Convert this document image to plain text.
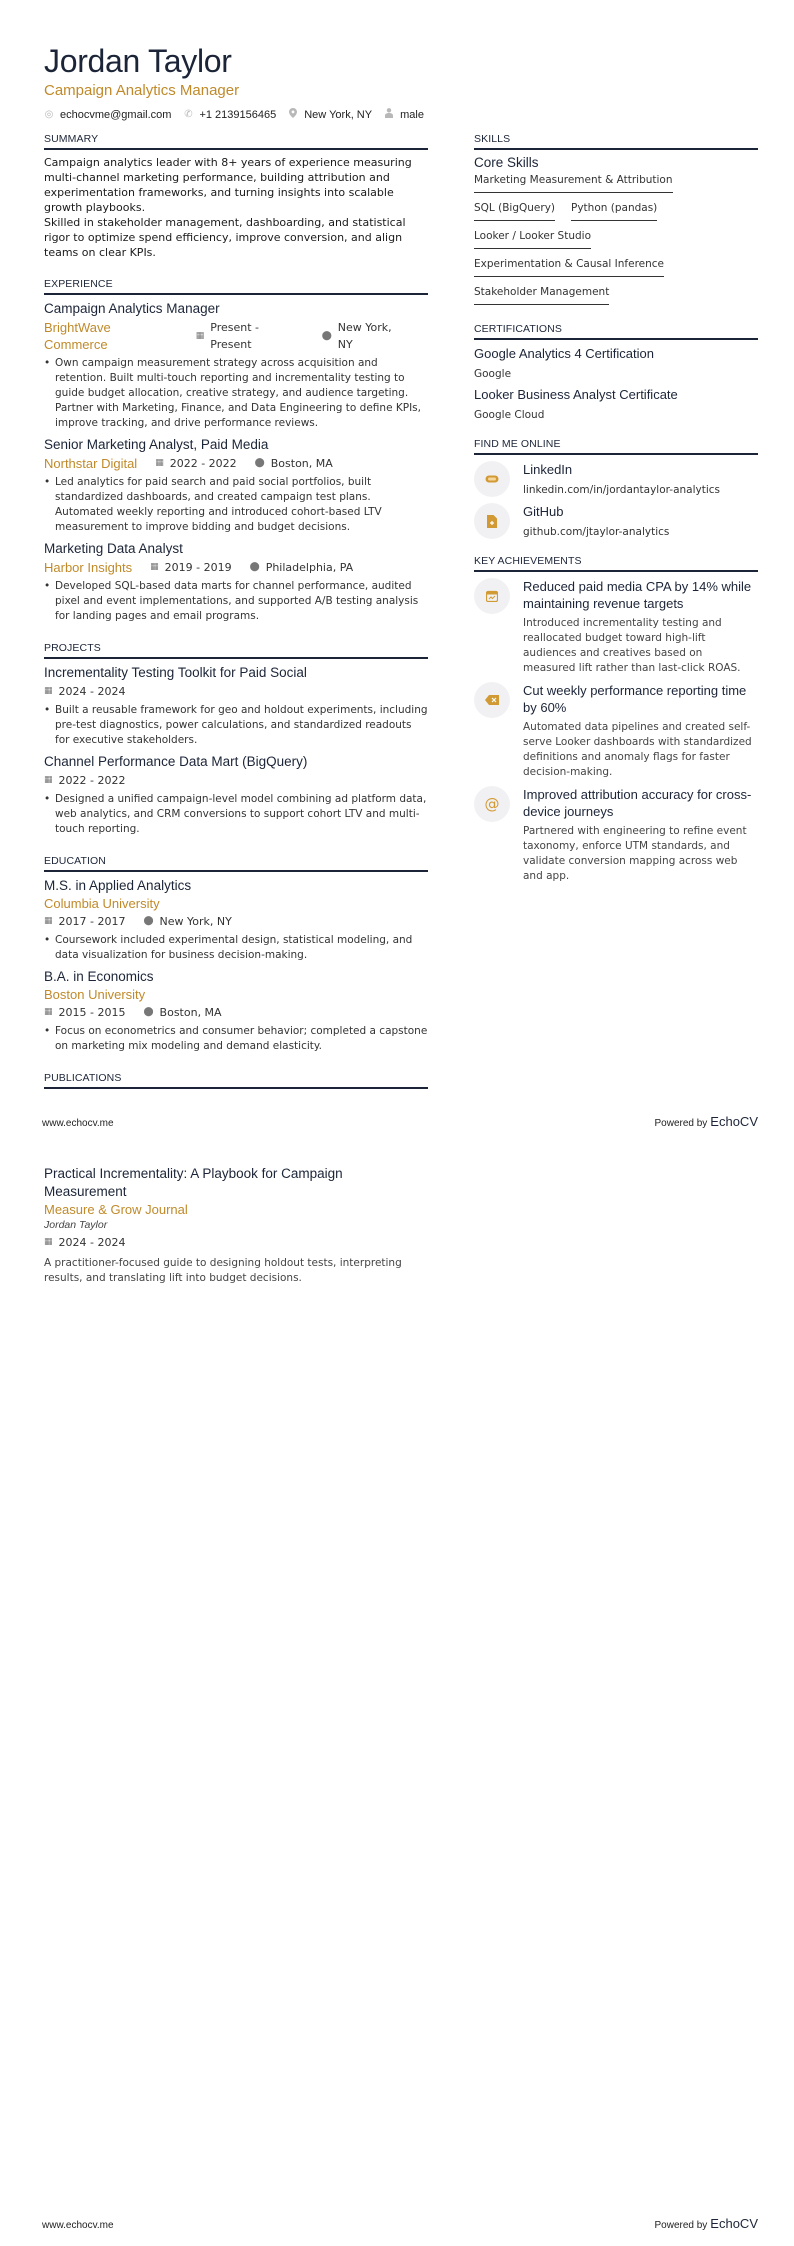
Jordan Taylor
Campaign Analytics Manager
◎ echocvme@gmail.com ✆ +1 2139156465	New York, NY	male
SUMMARY

Campaign analytics leader with 8+ years of experience measuring multi-channel marketing performance, building attribution and experimentation frameworks, and turning insights into scalable growth playbooks.

Skilled in stakeholder management, dashboarding, and statistical rigor to optimize spend efficiency, improve conversion, and align teams on clear KPIs.

EXPERIENCE
Campaign Analytics Manager
BrightWave Commerce
▦
Present - Present
⬤
New York, NY
• Own campaign measurement strategy across acquisition and retention. Built multi-touch reporting and incrementality testing to guide budget allocation, creative strategy, and audience targeting. Partner with Marketing, Finance, and Data Engineering to define KPIs, improve tracking, and drive performance reviews.
Senior Marketing Analyst, Paid Media
Northstar Digital ▦ 2022 - 2022 ⬤ Boston, MA
• Led analytics for paid search and paid social portfolios, built standardized dashboards, and created campaign test plans. Automated weekly reporting and introduced cohort-based LTV measurement to improve bidding and budget decisions.
Marketing Data Analyst
Harbor Insights ▦ 2019 - 2019 ⬤ Philadelphia, PA
• Developed SQL-based data marts for channel performance, audited pixel and event implementations, and supported A/B testing analysis for landing pages and email programs.
PROJECTS
Incrementality Testing Toolkit for Paid Social
▦ 2024 - 2024
• Built a reusable framework for geo and holdout experiments, including pre-test diagnostics, power calculations, and standardized readouts for executive stakeholders.
Channel Performance Data Mart (BigQuery)
▦ 2022 - 2022
• Designed a unified campaign-level model combining ad platform data, web analytics, and CRM conversions to support cohort LTV and multi-touch reporting.
EDUCATION
M.S. in Applied Analytics
Columbia University
▦ 2017 - 2017 ⬤ New York, NY
• Coursework included experimental design, statistical modeling, and data visualization for business decision-making.
B.A. in Economics
Boston University
▦ 2015 - 2015 ⬤ Boston, MA
• Focus on econometrics and consumer behavior; completed a capstone on marketing mix modeling and demand elasticity.
PUBLICATIONS
SKILLS
Core Skills
Marketing Measurement & Attribution
SQL (BigQuery) Python (pandas)
Looker / Looker Studio
Experimentation & Causal Inference
Stakeholder Management
CERTIFICATIONS
Google Analytics 4 Certification
Google
Looker Business Analyst Certificate
Google Cloud
FIND ME ONLINE
LinkedIn
linkedin.com/in/jordantaylor-analytics
GitHub
github.com/jtaylor-analytics
KEY ACHIEVEMENTS
Reduced paid media CPA by 14% while maintaining revenue targets
Introduced incrementality testing and reallocated budget toward high-lift audiences and creatives based on measured lift rather than last-click ROAS.
Cut weekly performance reporting time by 60%
Automated data pipelines and created self-serve Looker dashboards with standardized definitions and anomaly flags for faster decision-making.
@
Improved attribution accuracy for cross-device journeys
Partnered with engineering to refine event taxonomy, enforce UTM standards, and validate conversion mapping across web and app.
www.echocv.me	Powered by EchoCV
Practical Incrementality: A Playbook for Campaign Measurement
Measure & Grow Journal
Jordan Taylor
▦ 2024 - 2024
A practitioner-focused guide to designing holdout tests, interpreting results, and translating lift into budget decisions.
www.echocv.me	Powered by EchoCV
